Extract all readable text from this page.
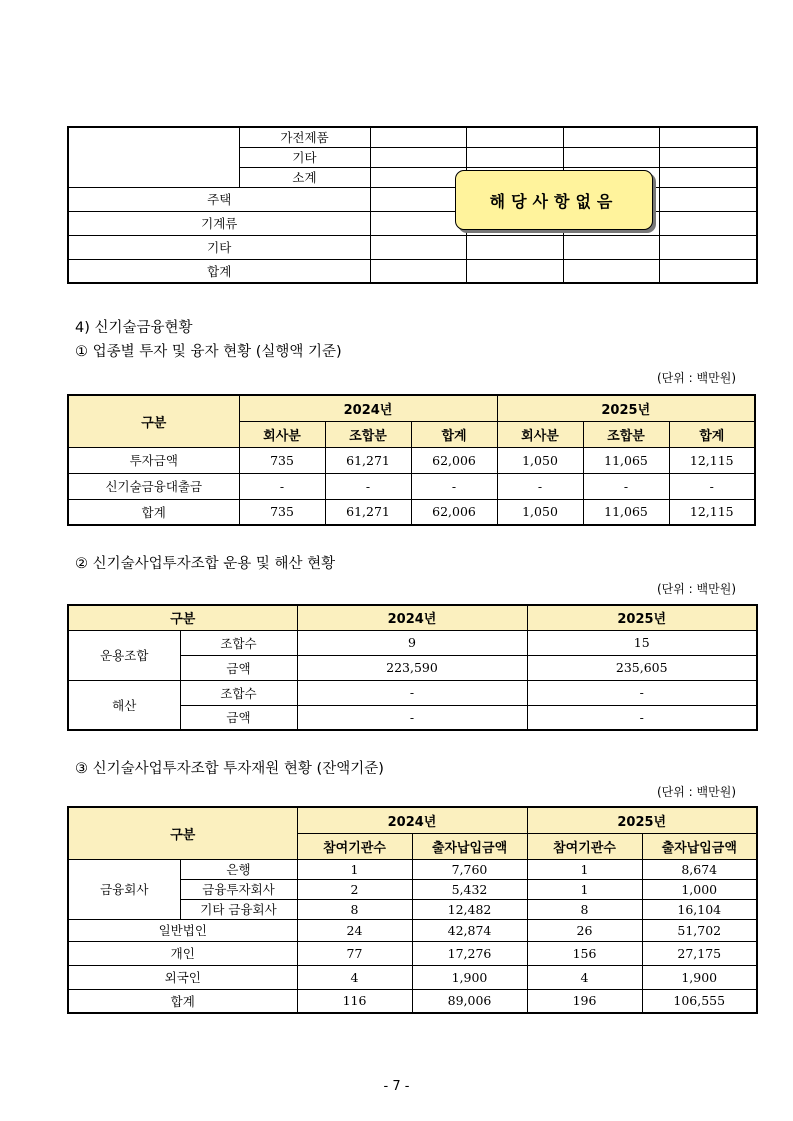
	가전제품				
	기타				
	소계				
주택					
기계류					
기타					
합계					
해당사항없음
4) 신기술금융현황
① 업종별 투자 및 융자 현황 (실행액 기준)
(단위 : 백만원)
구분	2024년			2025년		
	회사분	조합분	합계	회사분	조합분	합계
투자금액	735	61,271	62,006	1,050	11,065	12,115
신기술금융대출금	-	-	-	-	-	-
합계	735	61,271	62,006	1,050	11,065	12,115
② 신기술사업투자조합 운용 및 해산 현황
(단위 : 백만원)
구분		2024년	2025년
운용조합	조합수	9	15
	금액	223,590	235,605
해산	조합수	-	-
	금액	-	-
③ 신기술사업투자조합 투자재원 현황 (잔액기준)
(단위 : 백만원)
구분		2024년		2025년	
		참여기관수	출자납입금액	참여기관수	출자납입금액
금융회사	은행	1	7,760	1	8,674
	금융투자회사	2	5,432	1	1,000
	기타 금융회사	8	12,482	8	16,104
일반법인		24	42,874	26	51,702
개인		77	17,276	156	27,175
외국인		4	1,900	4	1,900
합계		116	89,006	196	106,555
- 7 -
